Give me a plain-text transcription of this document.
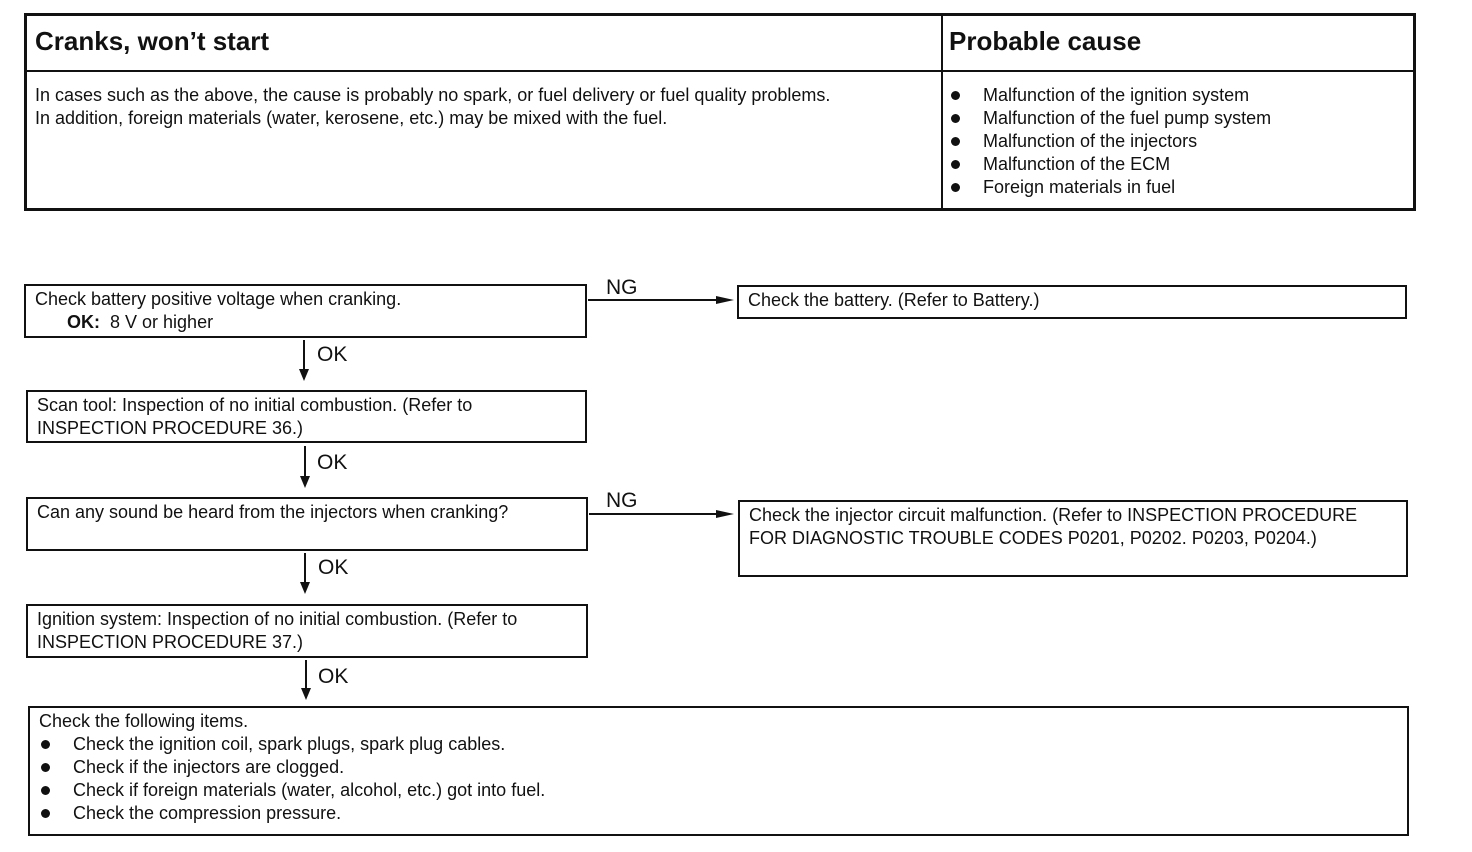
Cranks, won’t start	Probable cause

In cases such as the above, the cause is probably no spark, or fuel delivery or fuel quality problems.

In addition, foreign materials (water, kerosene, etc.) may be mixed with the fuel.

Malfunction of the ignition system
Malfunction of the fuel pump system
Malfunction of the injectors
Malfunction of the ECM
Foreign materials in fuel
Check battery positive voltage when cranking.
OK: 8 V or higher
Scan tool: Inspection of no initial combustion. (Refer to INSPECTION PROCEDURE 36.)
Can any sound be heard from the injectors when cranking?
Ignition system: Inspection of no initial combustion. (Refer to INSPECTION PROCEDURE 37.)
Check the following items.
Check the ignition coil, spark plugs, spark plug cables.
Check if the injectors are clogged.
Check if foreign materials (water, alcohol, etc.) got into fuel.
Check the compression pressure.
Check the battery. (Refer to Battery.)
Check the injector circuit malfunction. (Refer to INSPECTION PROCEDURE FOR DIAGNOSTIC TROUBLE CODES P0201, P0202. P0203, P0204.)
OK
OK
OK
OK
NG
NG
